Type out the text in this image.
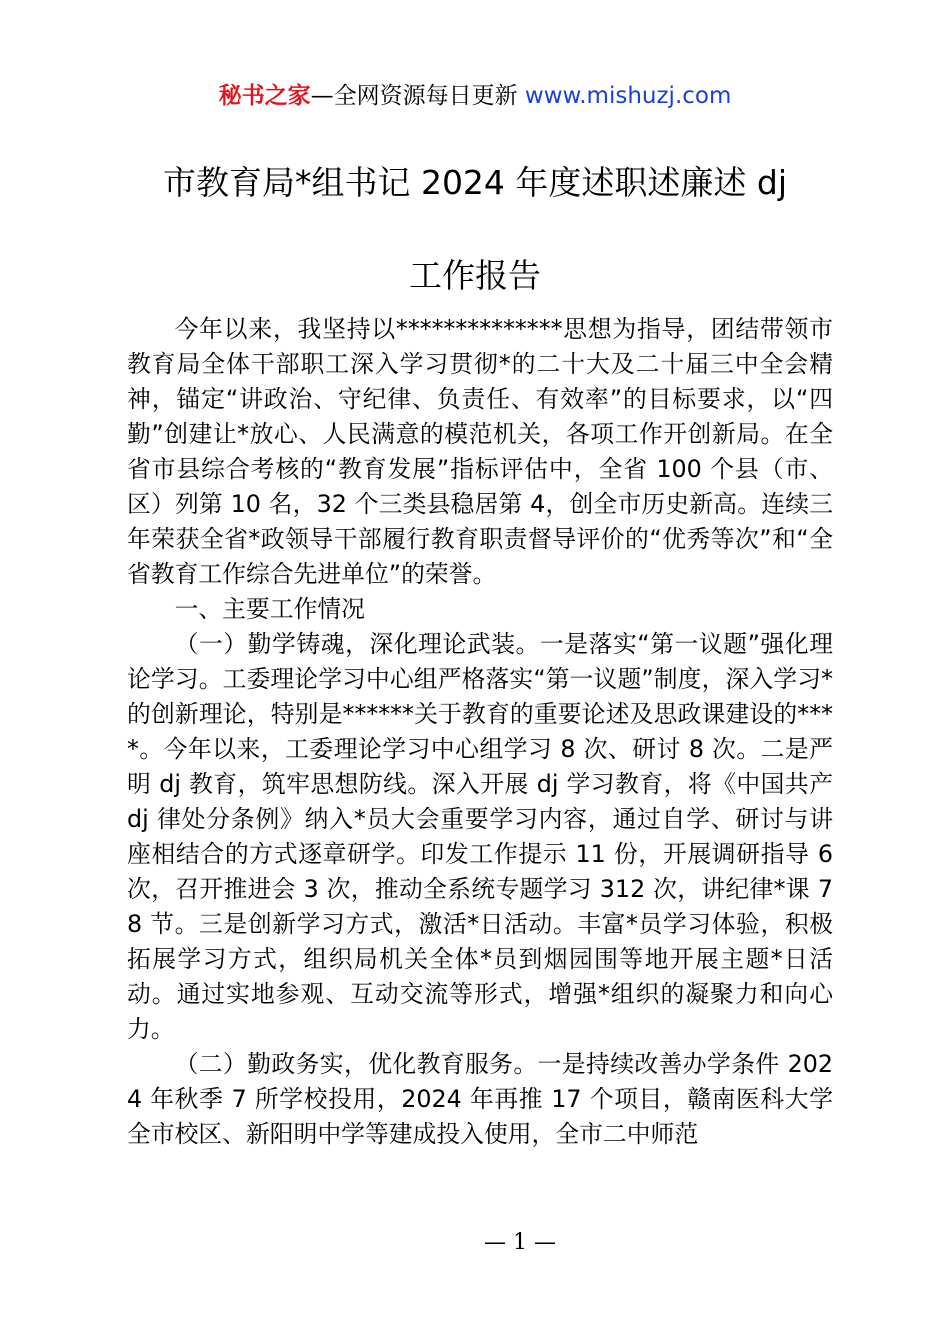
秘书之家—全网资源每日更新 www.mishuzj.com
市教育局*组书记 2024 年度述职述廉述 dj
工作报告

今年以来，我坚持以**************思想为指导，团结带领市教育局全体干部职工深入学习贯彻*的二十大及二十届三中全会精神，锚定“讲政治、守纪律、负责任、有效率”的目标要求，以“四勤”创建让*放心、人民满意的模范机关，各项工作开创新局。在全省市县综合考核的“教育发展”指标评估中，全省 100 个县（市、区）列第 10 名，32 个三类县稳居第 4，创全市历史新高。连续三年荣获全省*政领导干部履行教育职责督导评价的“优秀等次”和“全省教育工作综合先进单位”的荣誉。

一、主要工作情况

（一）勤学铸魂，深化理论武装。一是落实“第一议题”强化理论学习。工委理论学习中心组严格落实“第一议题”制度，深入学习*的创新理论，特别是******关于教育的重要论述及思政课建设的****。今年以来，工委理论学习中心组学习 8 次、研讨 8 次。二是严明 dj 教育，筑牢思想防线。深入开展 dj 学习教育，将《中国共产 dj 律处分条例》纳入*员大会重要学习内容，通过自学、研讨与讲座相结合的方式逐章研学。印发工作提示 11 份，开展调研指导 6 次，召开推进会 3 次，推动全系统专题学习 312 次，讲纪律*课 78 节。三是创新学习方式，激活*日活动。丰富*员学习体验，积极拓展学习方式，组织局机关全体*员到烟园围等地开展主题*日活动。通过实地参观、互动交流等形式，增强*组织的凝聚力和向心力。

（二）勤政务实，优化教育服务。一是持续改善办学条件 2024 年秋季 7 所学校投用，2024 年再推 17 个项目，赣南医科大学全市校区、新阳明中学等建成投入使用，全市二中师范

— 1 —
